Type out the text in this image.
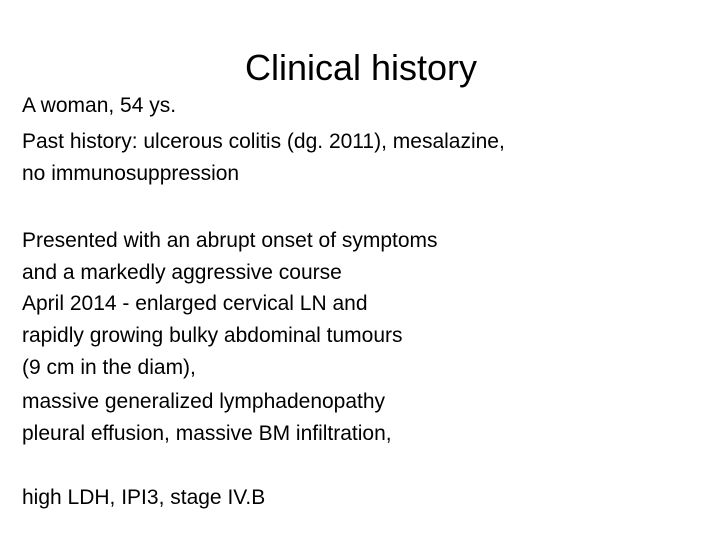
Clinical history
A woman, 54 ys.
Past history: ulcerous colitis (dg. 2011), mesalazine,
no immunosuppression
Presented with an abrupt onset of symptoms
and a markedly aggressive course
April 2014 - enlarged cervical LN and
rapidly growing bulky abdominal tumours
(9 cm in the diam),
massive generalized lymphadenopathy
pleural effusion, massive BM infiltration,
high LDH, IPI3, stage IV.B
